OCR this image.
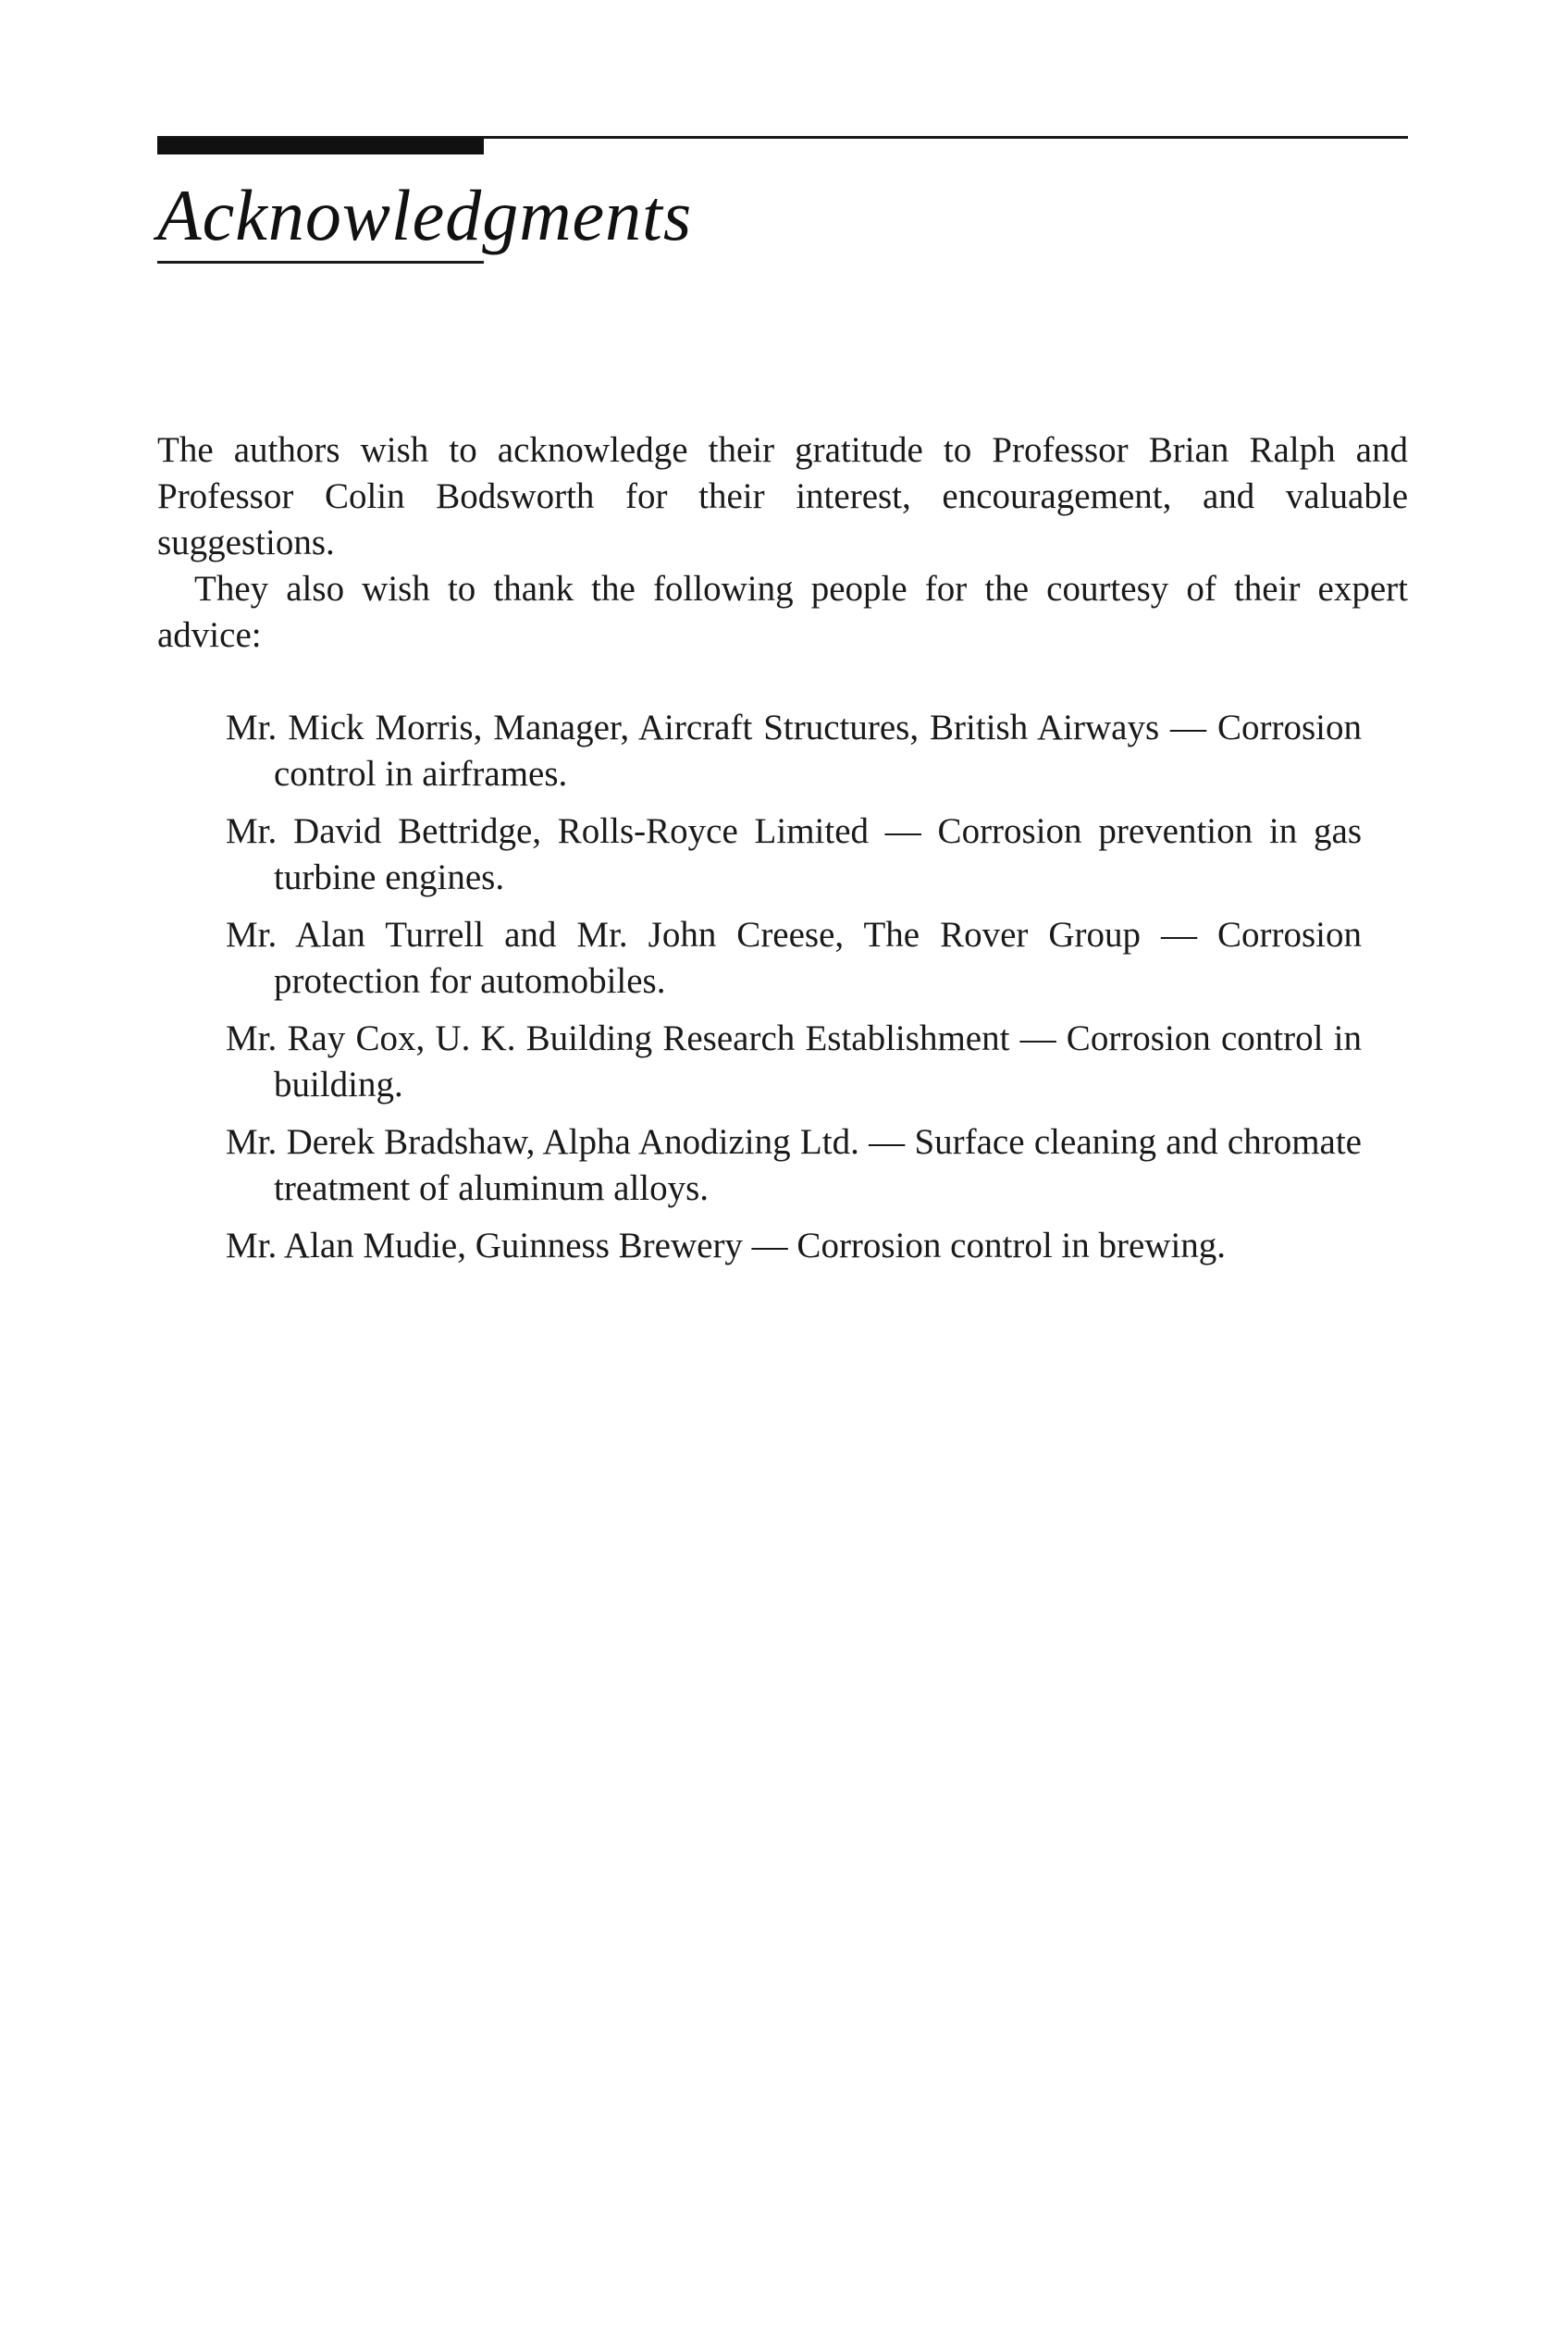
Acknowledgments

The authors wish to acknowledge their gratitude to Professor Brian Ralph and Professor Colin Bodsworth for their interest, encouragement, and valuable suggestions.

They also wish to thank the following people for the courtesy of their expert advice:

Mr. Mick Morris, Manager, Aircraft Structures, British Airways — Corrosion control in airframes.
Mr. David Bettridge, Rolls-Royce Limited — Corrosion prevention in gas turbine engines.
Mr. Alan Turrell and Mr. John Creese, The Rover Group — Corrosion protection for automobiles.
Mr. Ray Cox, U. K. Building Research Establishment — Corrosion control in building.
Mr. Derek Bradshaw, Alpha Anodizing Ltd. — Surface cleaning and chromate treatment of aluminum alloys.
Mr. Alan Mudie, Guinness Brewery — Corrosion control in brewing.
